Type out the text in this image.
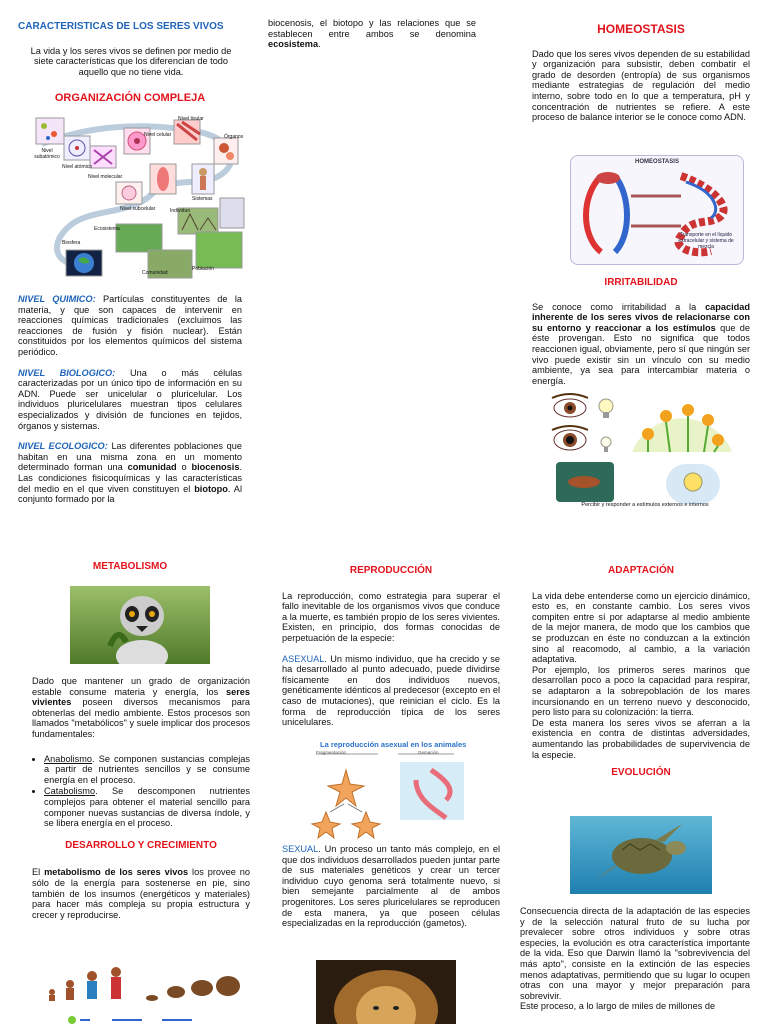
CARACTERISTICAS DE LOS SERES VIVOS

La vida y los seres vivos se definen por medio de siete características que los diferencian de todo aquello que no tiene vida.

ORGANIZACIÓN COMPLEJA
Nivel subatómico
Nivel atómico
Nivel molecular
Nivel celular
Nivel tisular
Órganos
Sistemas
Nivel subcelular	Individuo
Ecosistema
Biosfera
Comunidad
Población

NIVEL QUIMICO: Partículas constituyentes de la materia, y que son capaces de intervenir en reacciones químicas tradicionales (excluimos las reacciones de fusión y fisión nuclear). Están constituidos por los elementos químicos del sistema periódico.

NIVEL BIOLOGICO: Una o más células caracterizadas por un único tipo de información en su ADN. Puede ser unicelular o pluricelular. Los individuos pluricelulares muestran tipos celulares especializados y división de funciones en tejidos, órganos y sistemas.

NIVEL ECOLOGICO: Las diferentes poblaciones que habitan en una misma zona en un momento determinado forman una comunidad o biocenosis. Las condiciones fisicoquímicas y las características del medio en el que viven constituyen el biotopo. Al conjunto formado por la

biocenosis, el biotopo y las relaciones que se establecen entre ambos se denomina ecosistema.

HOMEOSTASIS

Dado que los seres vivos dependen de su estabilidad y organización para subsistir, deben combatir el grado de desorden (entropía) de sus organismos mediante estrategias de regulación del medio interno, sobre todo en lo que a temperatura, pH y concentración de nutrientes se refiere. A este proceso de balance interior se le conoce como ADN.

HOMEOSTASIS
Transporte en el líquido extracelular y sistema de mezcla
IRRITABILIDAD

Se conoce como irritabilidad a la capacidad inherente de los seres vivos de relacionarse con su entorno y reaccionar a los estímulos que de éste provengan. Esto no significa que todos reaccionen igual, obviamente, pero sí que ningún ser vivo puede existir sin un vínculo con su medio ambiente, ya sea para intercambiar materia o energía.

Percibir y responder a estímulos externos e internos
METABOLISMO

Dado que mantener un grado de organización estable consume materia y energía, los seres vivientes poseen diversos mecanismos para obtenerlas del medio ambiente. Estos procesos son llamados "metabólicos" y suele implicar dos procesos fundamentales:

• Anabolismo. Se componen sustancias complejas a partir de nutrientes sencillos y se consume energía en el proceso.
• Catabolismo. Se descomponen nutrientes complejos para obtener el material sencillo para componer nuevas sustancias de diversa índole, y se libera energía en el proceso.
DESARROLLO Y CRECIMIENTO

El metabolismo de los seres vivos los provee no sólo de la energía para sostenerse en pie, sino también de los insumos (energéticos y materiales) para hacer más compleja su propia estructura y crecer y reproducirse.

REPRODUCCIÓN

La reproducción, como estrategia para superar el fallo inevitable de los organismos vivos que conduce a la muerte, es también propio de los seres vivientes. Existen, en principio, dos formas conocidas de perpetuación de la especie:

ASEXUAL. Un mismo individuo, que ha crecido y se ha desarrollado al punto adecuado, puede dividirse físicamente en dos individuos nuevos, genéticamente idénticos al predecesor (excepto en el caso de mutaciones), que reinician el ciclo. Es la forma de reproducción típica de los seres unicelulares.

La reproducción asexual en los animales
Fragmentación	Gemación

SEXUAL. Un proceso un tanto más complejo, en el que dos individuos desarrollados pueden juntar parte de sus materiales genéticos y crear un tercer individuo cuyo genoma será totalmente nuevo, si bien semejante parcialmente al de ambos progenitores. Los seres pluricelulares se reproducen de esta manera, ya que poseen células especializadas en la reproducción (gametos).

ADAPTACIÓN

La vida debe entenderse como un ejercicio dinámico, esto es, en constante cambio. Los seres vivos compiten entre sí por adaptarse al medio ambiente de la mejor manera, de modo que los cambios que se produzcan en éste no conduzcan a la extinción sino al reacomodo, al cambio, a la variación adaptativa.

Por ejemplo, los primeros seres marinos que desarrollan poco a poco la capacidad para respirar, se adaptaron a la sobrepoblación de los mares incursionando en un terreno nuevo y desconocido, pero listo para su colonización: la tierra.

De esta manera los seres vivos se aferran a la existencia en contra de distintas adversidades, aumentando las probabilidades de supervivencia de la especie.

EVOLUCIÓN

Consecuencia directa de la adaptación de las especies y de la selección natural fruto de su lucha por prevalecer sobre otros individuos y sobre otras especies, la evolución es otra característica importante de la vida. Eso que Darwin llamó la "sobrevivencia del más apto", consiste en la extinción de las especies menos adaptativas, permitiendo que su lugar lo ocupen otras con una mayor y mejor preparación para sobrevivir.

Este proceso, a lo largo de miles de millones de
